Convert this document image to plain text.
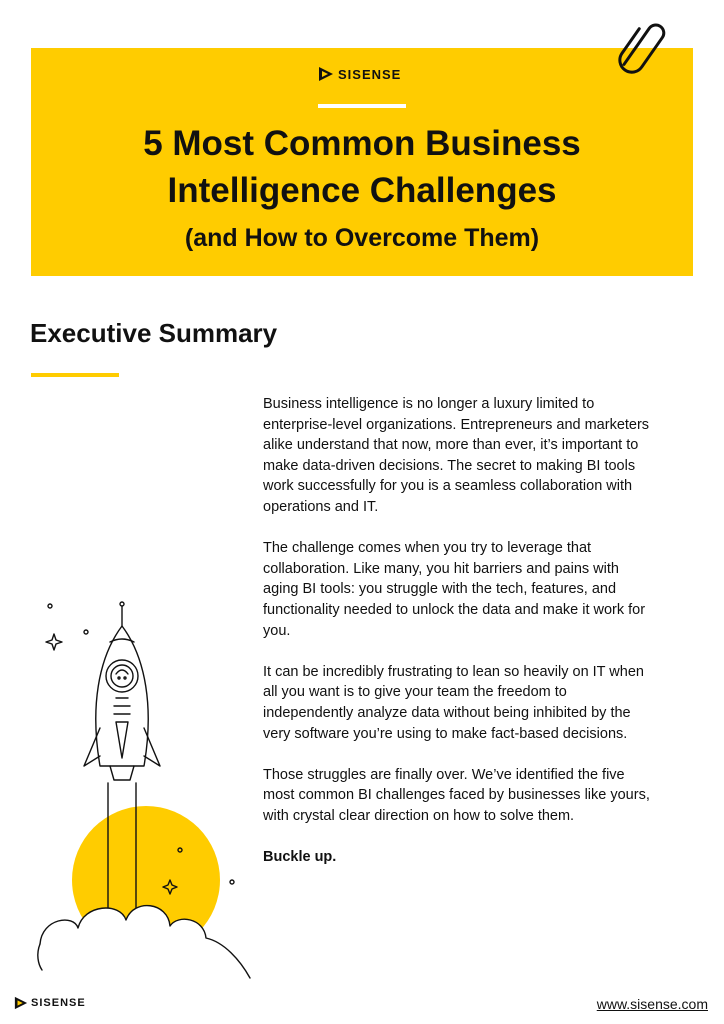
SISENSE
5 Most Common Business
Intelligence Challenges
(and How to Overcome Them)
Executive Summary

Business intelligence is no longer a luxury limited to enterprise-level organizations. Entrepreneurs and marketers alike understand that now, more than ever, it’s important to make data-driven decisions. The secret to making BI tools work successfully for you is a seamless collaboration with operations and IT.

The challenge comes when you try to leverage that collaboration. Like many, you hit barriers and pains with aging BI tools: you struggle with the tech, features, and functionality needed to unlock the data and make it work for you.

It can be incredibly frustrating to lean so heavily on IT when all you want is to give your team the freedom to independently analyze data without being inhibited by the very software you’re using to make fact-based decisions.

Those struggles are finally over. We’ve identified the five most common BI challenges faced by businesses like yours, with crystal clear direction on how to solve them.

Buckle up.

SISENSE	www.sisense.com
